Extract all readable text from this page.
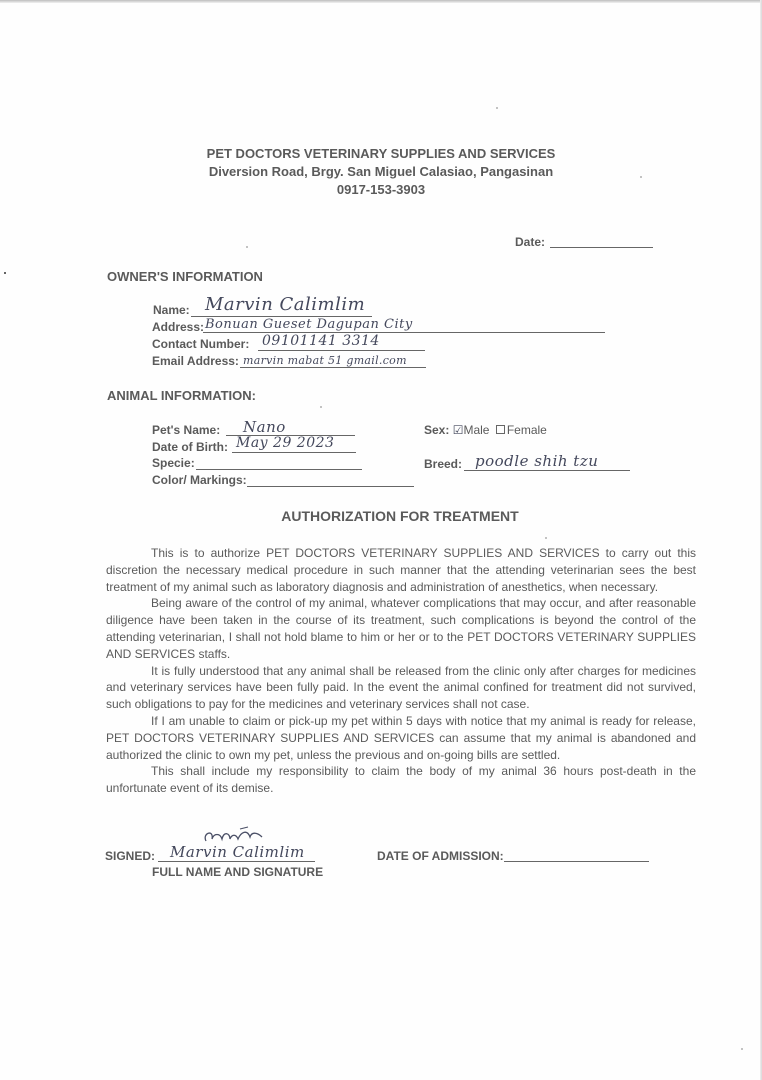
PET DOCTORS VETERINARY SUPPLIES AND SERVICES
Diversion Road, Brgy. San Miguel Calasiao, Pangasinan
0917-153-3903
Date:
OWNER'S INFORMATION
Name: Marvin Calimlim
Address: Bonuan Gueset Dagupan City
Contact Number: 09101141 3314
Email Address: marvin mabat 51 gmail.com
ANIMAL INFORMATION:
Pet's Name: Nano
Date of Birth: May 29 2023
Specie:
Color/ Markings:
Sex: ☑Male Female
Breed: poodle shih tzu
AUTHORIZATION FOR TREATMENT

This is to authorize PET DOCTORS VETERINARY SUPPLIES AND SERVICES to carry out this discretion the necessary medical procedure in such manner that the attending veterinarian sees the best treatment of my animal such as laboratory diagnosis and administration of anesthetics, when necessary.

Being aware of the control of my animal, whatever complications that may occur, and after reasonable diligence have been taken in the course of its treatment, such complications is beyond the control of the attending veterinarian, I shall not hold blame to him or her or to the PET DOCTORS VETERINARY SUPPLIES AND SERVICES staffs.

It is fully understood that any animal shall be released from the clinic only after charges for medicines and veterinary services have been fully paid. In the event the animal confined for treatment did not survived, such obligations to pay for the medicines and veterinary services shall not case.

If I am unable to claim or pick-up my pet within 5 days with notice that my animal is ready for release, PET DOCTORS VETERINARY SUPPLIES AND SERVICES can assume that my animal is abandoned and authorized the clinic to own my pet, unless the previous and on-going bills are settled.

This shall include my responsibility to claim the body of my animal 36 hours post-death in the unfortunate event of its demise.

SIGNED: Marvin Calimlim
FULL NAME AND SIGNATURE
DATE OF ADMISSION:
